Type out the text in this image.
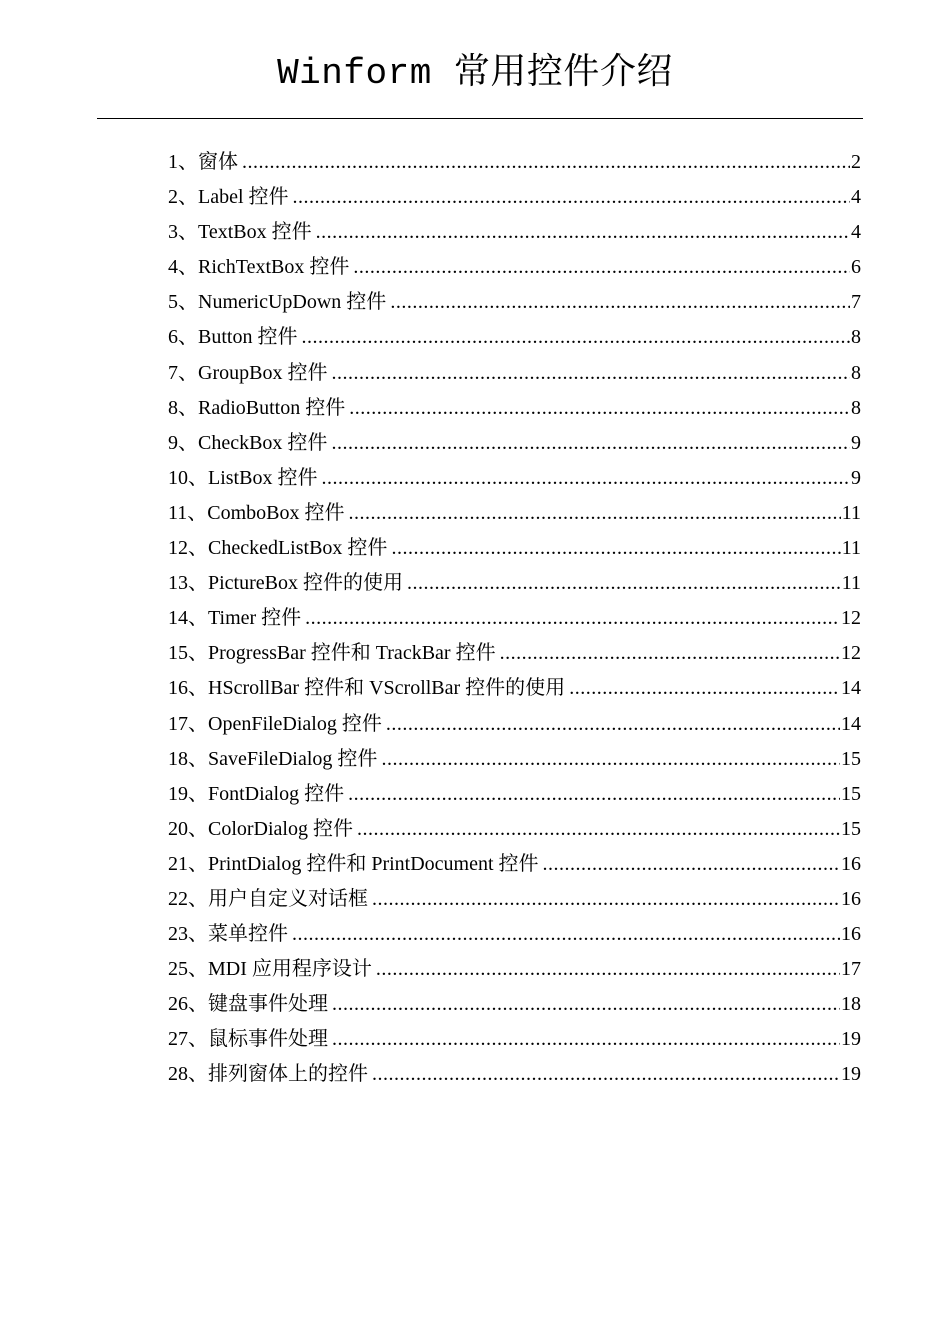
Winform 常用控件介绍
1、窗体 .....	2
2、Label 控件 .....	4
3、TextBox 控件 .....	4
4、RichTextBox 控件 .....	6
5、NumericUpDown 控件 .....	7
6、Button 控件 .....	8
7、GroupBox 控件 .....	8
8、RadioButton 控件 .....	8
9、CheckBox 控件 .....	9
10、ListBox 控件 .....	9
11、ComboBox 控件 .....	11
12、CheckedListBox 控件 .....	11
13、PictureBox 控件的使用 .....	11
14、Timer 控件 .....	12
15、ProgressBar 控件和 TrackBar 控件 .....	12
16、HScrollBar 控件和 VScrollBar 控件的使用 .....	14
17、OpenFileDialog 控件 .....	14
18、SaveFileDialog 控件 .....	15
19、FontDialog 控件 .....	15
20、ColorDialog 控件 .....	15
21、PrintDialog 控件和 PrintDocument 控件 .....	16
22、用户自定义对话框 .....	16
23、菜单控件 .....	16
25、MDI 应用程序设计 .....	17
26、键盘事件处理 .....	18
27、鼠标事件处理 .....	19
28、排列窗体上的控件 .....	19
